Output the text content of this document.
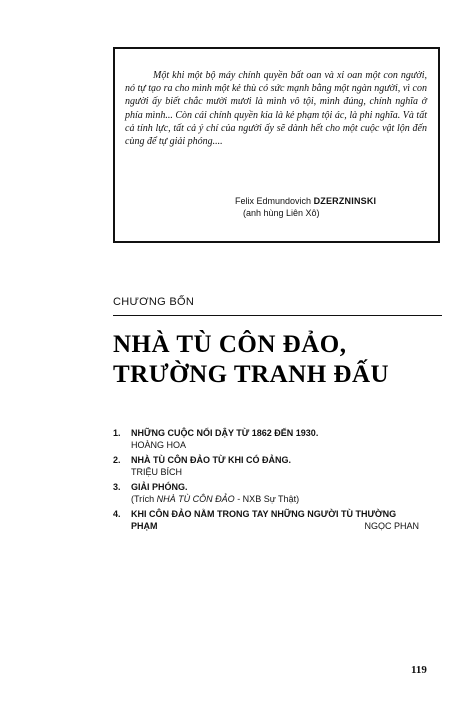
Một khi một bộ máy chính quyền bất oan và xỉ oan một con người, nó tự tạo ra cho mình một kẻ thù có sức mạnh bằng một ngàn người, vì con người ấy biết chắc mười mươi là mình vô tội, mình đúng, chính nghĩa ở phía mình... Còn cái chính quyền kia là kẻ phạm tội ác, là phi nghĩa. Và tất cả tính lực, tất cả ý chí của người ấy sẽ dành hết cho một cuộc vật lộn đến cùng để tự giải phóng....

Felix Edmundovich DZERZNINSKI
(anh hùng Liên Xô)
CHƯƠNG BỐN
NHÀ TÙ CÔN ĐẢO,
TRƯỜNG TRANH ĐẤU
1. NHỮNG CUỘC NỔI DẬY TỪ 1862 ĐẾN 1930.
HOÀNG HOA
2. NHÀ TÙ CÔN ĐẢO TỪ KHI CÓ ĐẢNG.
TRIỆU BÍCH
3. GIẢI PHÓNG.
(Trích NHÀ TÙ CÔN ĐẢO - NXB Sự Thật)
4. KHI CÔN ĐẢO NẰM TRONG TAY NHỮNG NGƯỜI TÙ THƯỜNG
PHẠM	NGỌC PHAN
119
